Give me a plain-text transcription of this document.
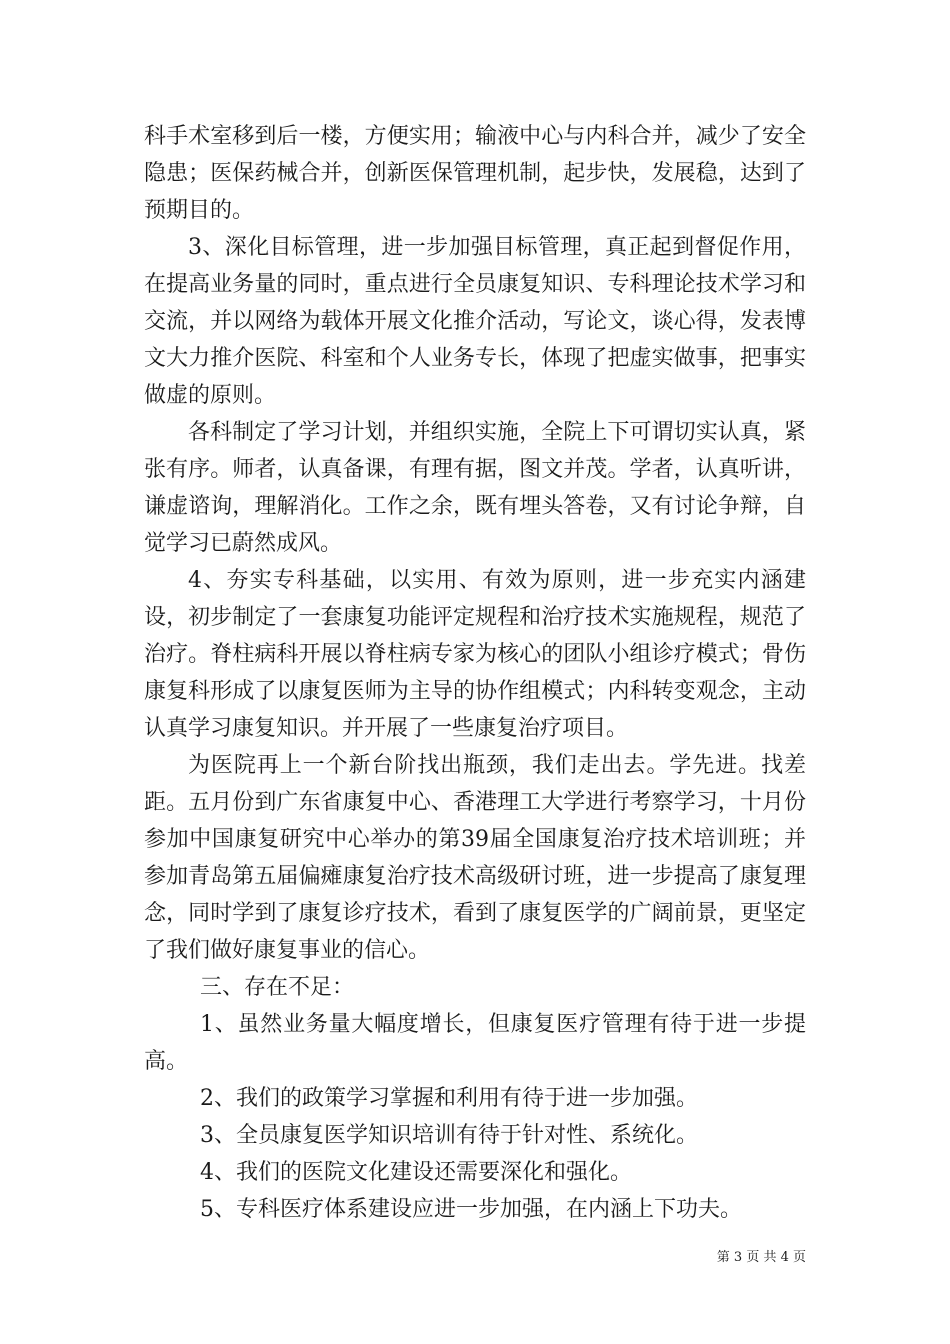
科手术室移到后一楼，方便实用；输液中心与内科合并，减少了安全隐患；医保药械合并，创新医保管理机制，起步快，发展稳，达到了预期目的。

3、深化目标管理，进一步加强目标管理，真正起到督促作用，在提高业务量的同时，重点进行全员康复知识、专科理论技术学习和交流，并以网络为载体开展文化推介活动，写论文，谈心得，发表博文大力推介医院、科室和个人业务专长，体现了把虚实做事，把事实做虚的原则。

各科制定了学习计划，并组织实施，全院上下可谓切实认真，紧张有序。师者，认真备课，有理有据，图文并茂。学者，认真听讲，谦虚谘询，理解消化。工作之余，既有埋头答卷，又有讨论争辩，自觉学习已蔚然成风。

4、夯实专科基础，以实用、有效为原则，进一步充实内涵建设，初步制定了一套康复功能评定规程和治疗技术实施规程，规范了治疗。脊柱病科开展以脊柱病专家为核心的团队小组诊疗模式；骨伤康复科形成了以康复医师为主导的协作组模式；内科转变观念，主动认真学习康复知识。并开展了一些康复治疗项目。

为医院再上一个新台阶找出瓶颈，我们走出去。学先进。找差距。五月份到广东省康复中心、香港理工大学进行考察学习，十月份参加中国康复研究中心举办的第39届全国康复治疗技术培训班；并参加青岛第五届偏瘫康复治疗技术高级研讨班，进一步提高了康复理念，同时学到了康复诊疗技术，看到了康复医学的广阔前景，更坚定了我们做好康复事业的信心。

三、存在不足：

1、虽然业务量大幅度增长，但康复医疗管理有待于进一步提高。

2、我们的政策学习掌握和利用有待于进一步加强。

3、全员康复医学知识培训有待于针对性、系统化。

4、我们的医院文化建设还需要深化和强化。

5、专科医疗体系建设应进一步加强，在内涵上下功夫。

第 3 页 共 4 页
